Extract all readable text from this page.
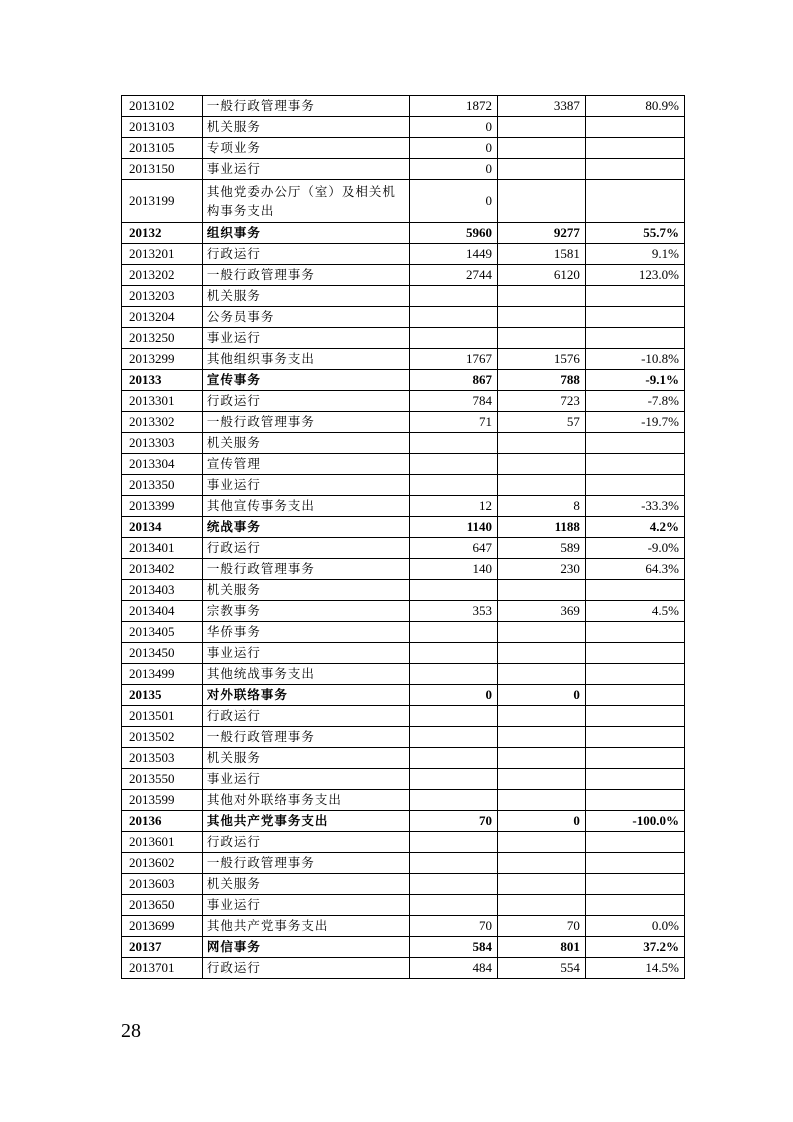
2013102	一般行政管理事务	1872	3387	80.9%
2013103	机关服务	0		
2013105	专项业务	0		
2013150	事业运行	0		
2013199	其他党委办公厅（室）及相关机构事务支出	0		
20132	组织事务	5960	9277	55.7%
2013201	行政运行	1449	1581	9.1%
2013202	一般行政管理事务	2744	6120	123.0%
2013203	机关服务			
2013204	公务员事务			
2013250	事业运行			
2013299	其他组织事务支出	1767	1576	-10.8%
20133	宣传事务	867	788	-9.1%
2013301	行政运行	784	723	-7.8%
2013302	一般行政管理事务	71	57	-19.7%
2013303	机关服务			
2013304	宣传管理			
2013350	事业运行			
2013399	其他宣传事务支出	12	8	-33.3%
20134	统战事务	1140	1188	4.2%
2013401	行政运行	647	589	-9.0%
2013402	一般行政管理事务	140	230	64.3%
2013403	机关服务			
2013404	宗教事务	353	369	4.5%
2013405	华侨事务			
2013450	事业运行			
2013499	其他统战事务支出			
20135	对外联络事务	0	0	
2013501	行政运行			
2013502	一般行政管理事务			
2013503	机关服务			
2013550	事业运行			
2013599	其他对外联络事务支出			
20136	其他共产党事务支出	70	0	-100.0%
2013601	行政运行			
2013602	一般行政管理事务			
2013603	机关服务			
2013650	事业运行			
2013699	其他共产党事务支出	70	70	0.0%
20137	网信事务	584	801	37.2%
2013701	行政运行	484	554	14.5%
28
